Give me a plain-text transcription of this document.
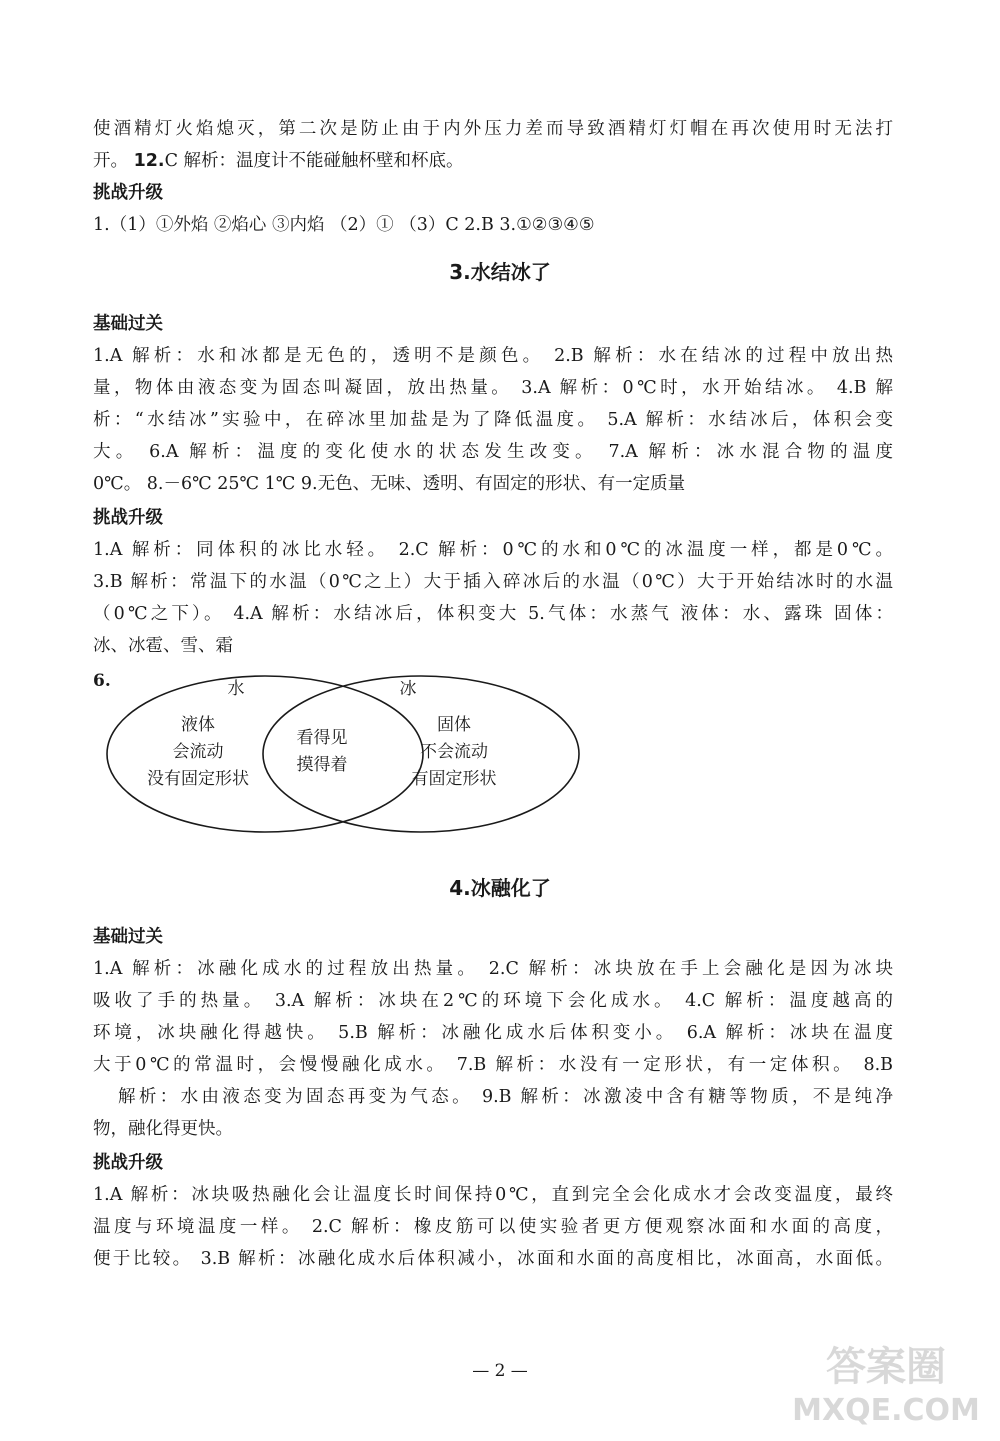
使酒精灯火焰熄灭，第二次是防止由于内外压力差而导致酒精灯灯帽在再次使用时无法打
开。 12.C 解析：温度计不能碰触杯壁和杯底。
挑战升级
1.（1）①外焰 ②焰心 ③内焰 （2）① （3）C 2.B 3.①②③④⑤
3.水结冰了
基础过关
1.A 解析：水和冰都是无色的，透明不是颜色。 2.B 解析：水在结冰的过程中放出热
量，物体由液态变为固态叫凝固，放出热量。 3.A 解析：0℃时，水开始结冰。 4.B 解
析：“水结冰”实验中，在碎冰里加盐是为了降低温度。 5.A 解析：水结冰后，体积会变
大。 6.A 解析：温度的变化使水的状态发生改变。 7.A 解析：冰水混合物的温度
0℃。 8.－6℃ 25℃ 1℃ 9.无色、无味、透明、有固定的形状、有一定质量
挑战升级
1.A 解析：同体积的冰比水轻。 2.C 解析：0℃的水和0℃的冰温度一样，都是0℃。
3.B 解析：常温下的水温（0℃之上）大于插入碎冰后的水温（0℃）大于开始结冰时的水温
（0℃之下）。 4.A 解析：水结冰后，体积变大 5.气体：水蒸气 液体：水、露珠 固体：
冰、冰雹、雪、霜
6.	水	冰
液体
会流动
没有固定形状
看得见
摸得着
固体
不会流动
有固定形状
4.冰融化了
基础过关
1.A 解析：冰融化成水的过程放出热量。 2.C 解析：冰块放在手上会融化是因为冰块
吸收了手的热量。 3.A 解析：冰块在2℃的环境下会化成水。 4.C 解析：温度越高的
环境，冰块融化得越快。 5.B 解析：冰融化成水后体积变小。 6.A 解析：冰块在温度
大于0℃的常温时，会慢慢融化成水。 7.B 解析：水没有一定形状，有一定体积。 8.B
解析：水由液态变为固态再变为气态。 9.B 解析：冰激凌中含有糖等物质，不是纯净
物，融化得更快。
挑战升级
1.A 解析：冰块吸热融化会让温度长时间保持0℃，直到完全会化成水才会改变温度，最终
温度与环境温度一样。 2.C 解析：橡皮筋可以使实验者更方便观察冰面和水面的高度，
便于比较。 3.B 解析：冰融化成水后体积减小，冰面和水面的高度相比，冰面高，水面低。
— 2 —	答案圈
MXQE.COM
